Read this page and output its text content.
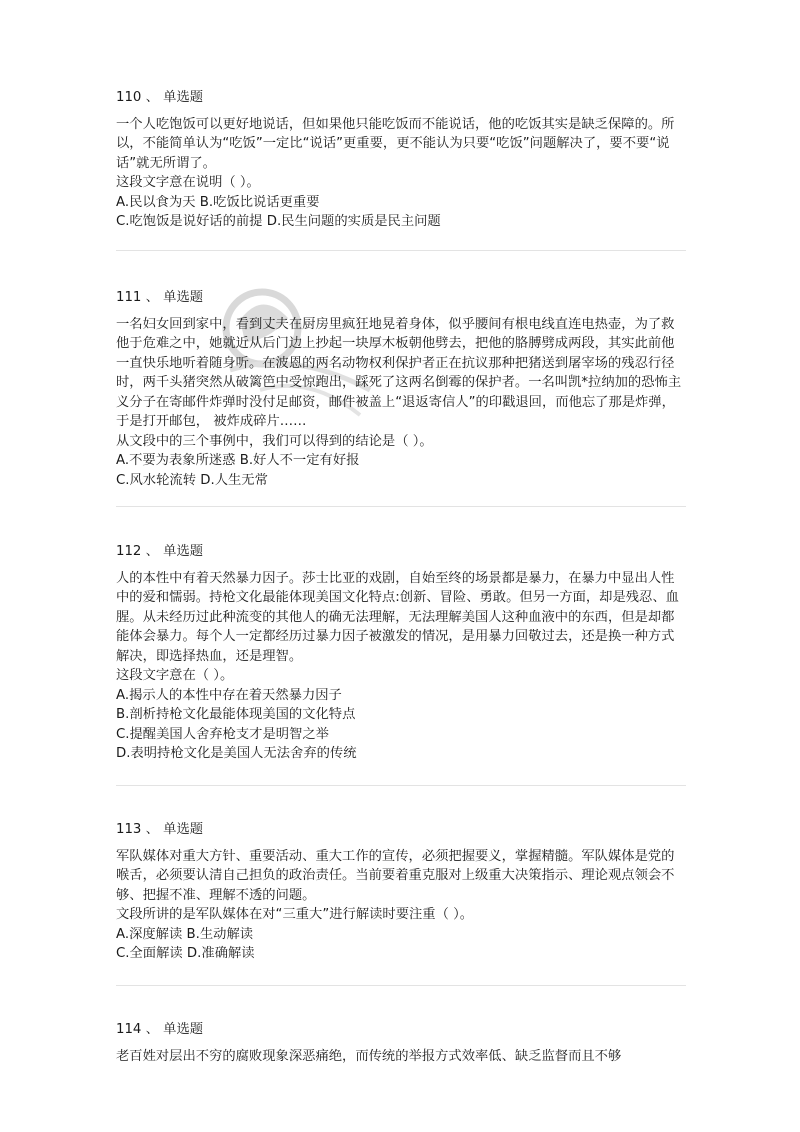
110 、 单选题

一个人吃饱饭可以更好地说话，但如果他只能吃饭而不能说话，他的吃饭其实是缺乏保障的。所以，不能简单认为“吃饭”一定比“说话”更重要，更不能认为只要“吃饭”问题解决了，要不要“说话”就无所谓了。

这段文字意在说明（ ）。

A.民以食为天 B.吃饭比说话更重要

C.吃饱饭是说好话的前提 D.民生问题的实质是民主问题

111 、 单选题

一名妇女回到家中，看到丈夫在厨房里疯狂地晃着身体，似乎腰间有根电线直连电热壶，为了救他于危难之中，她就近从后门边上抄起一块厚木板朝他劈去，把他的胳膊劈成两段，其实此前他一直快乐地听着随身听。在波恩的两名动物权利保护者正在抗议那种把猪送到屠宰场的残忍行径时，两千头猪突然从破篱笆中受惊跑出，踩死了这两名倒霉的保护者。一名叫凯*拉纳加的恐怖主义分子在寄邮件炸弹时没付足邮资，邮件被盖上“退返寄信人”的印戳退回，而他忘了那是炸弹，于是打开邮包， 被炸成碎片……

从文段中的三个事例中，我们可以得到的结论是（ ）。

A.不要为表象所迷惑 B.好人不一定有好报

C.风水轮流转 D.人生无常

112 、 单选题

人的本性中有着天然暴力因子。莎士比亚的戏剧，自始至终的场景都是暴力，在暴力中显出人性中的爱和懦弱。持枪文化最能体现美国文化特点:创新、冒险、勇敢。但另一方面，却是残忍、血腥。从未经历过此种流变的其他人的确无法理解，无法理解美国人这种血液中的东西，但是却都能体会暴力。每个人一定都经历过暴力因子被激发的情况，是用暴力回敬过去，还是换一种方式解决，即选择热血，还是理智。

这段文字意在（ ）。

A.揭示人的本性中存在着天然暴力因子

B.剖析持枪文化最能体现美国的文化特点

C.提醒美国人舍弃枪支才是明智之举

D.表明持枪文化是美国人无法舍弃的传统

113 、 单选题

军队媒体对重大方针、重要活动、重大工作的宣传，必须把握要义，掌握精髓。军队媒体是党的喉舌，必须要认清自己担负的政治责任。当前要着重克服对上级重大决策指示、理论观点领会不够、把握不准、理解不透的问题。

文段所讲的是军队媒体在对“三重大”进行解读时要注重（ ）。

A.深度解读 B.生动解读

C.全面解读 D.准确解读

114 、 单选题

老百姓对层出不穷的腐败现象深恶痛绝，而传统的举报方式效率低、缺乏监督而且不够
